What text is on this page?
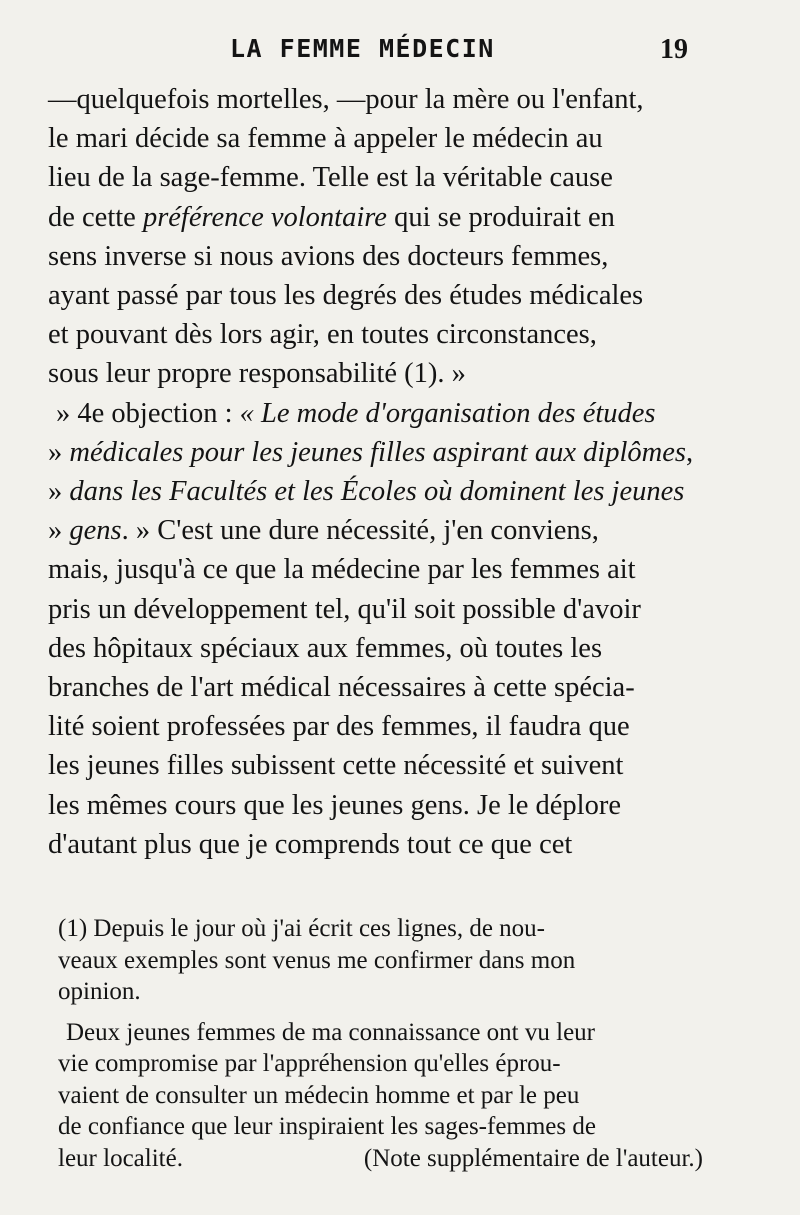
LA FEMME MÉDECIN	19
—quelquefois mortelles, —pour la mère ou l'enfant,
le mari décide sa femme à appeler le médecin au
lieu de la sage-femme. Telle est la véritable cause
de cette
préférence volontaire
qui se produirait en
sens inverse si nous avions des docteurs femmes,
ayant passé par tous les degrés des études médicales
et pouvant dès lors agir, en toutes circonstances,
sous leur propre responsabilité (1). »
» 4e objection :
« Le mode d'organisation des études
»
médicales pour les jeunes filles aspirant aux diplômes ,
»
dans les Facultés et les Écoles où dominent les jeunes
»
gens . » C'est une dure nécessité, j'en conviens,
mais, jusqu'à ce que la médecine par les femmes ait
pris un développement tel, qu'il soit possible d'avoir
des hôpitaux spéciaux aux femmes, où toutes les
branches de l'art médical nécessaires à cette spécia-
lité soient professées par des femmes, il faudra que
les jeunes filles subissent cette nécessité et suivent
les mêmes cours que les jeunes gens. Je le déplore
d'autant plus que je comprends tout ce que cet
(1) Depuis le jour où j'ai écrit ces lignes, de nou-
veaux exemples sont venus me confirmer dans mon
opinion.
Deux jeunes femmes de ma connaissance ont vu leur
vie compromise par l'appréhension qu'elles éprou-
vaient de consulter un médecin homme et par le peu
de confiance que leur inspiraient les sages-femmes de
leur localité.	(Note supplémentaire de l'auteur.)
